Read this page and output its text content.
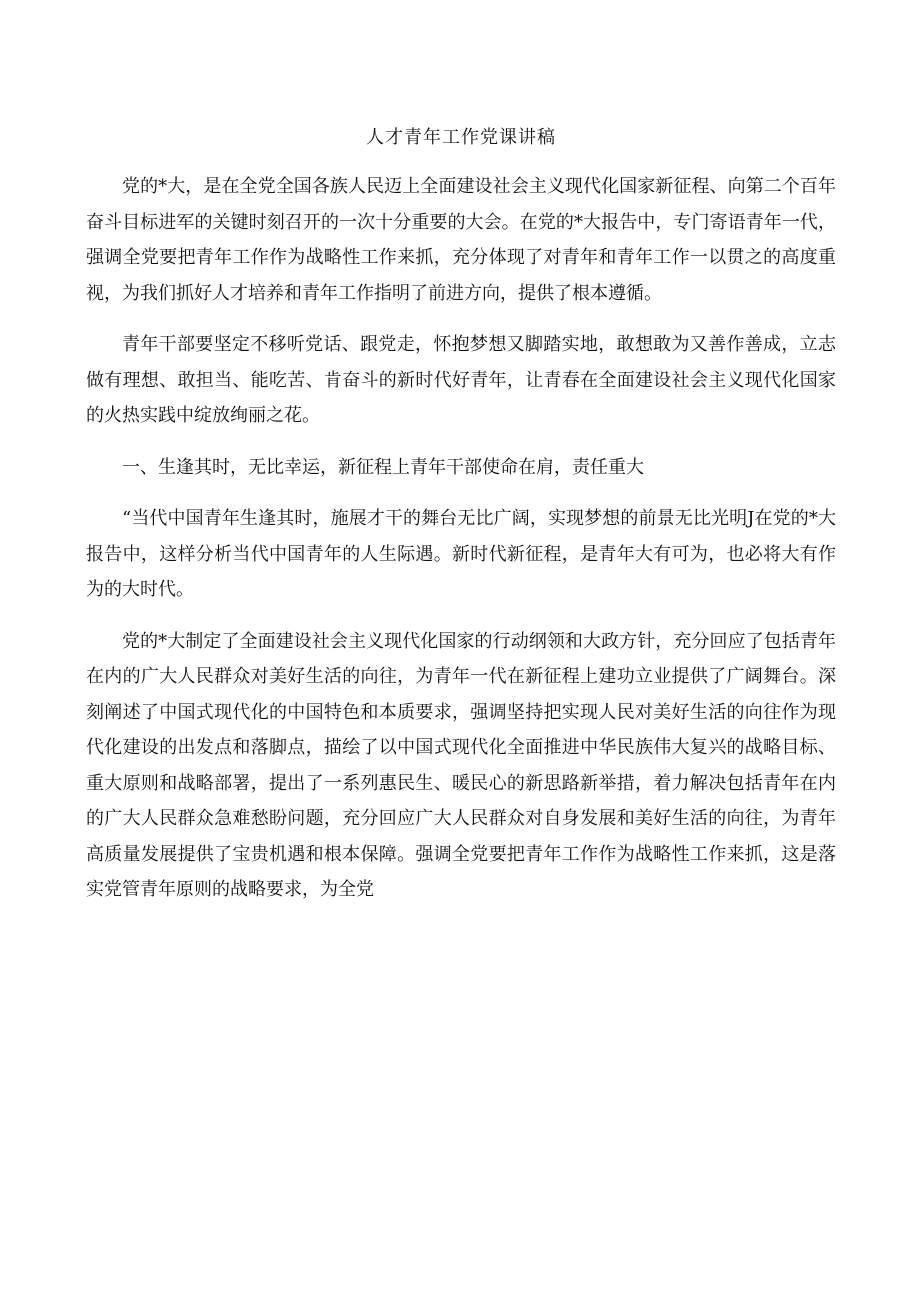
人才青年工作党课讲稿

党的*大，是在全党全国各族人民迈上全面建设社会主义现代化国家新征程、向第二个百年奋斗目标进军的关键时刻召开的一次十分重要的大会。在党的*大报告中，专门寄语青年一代，强调全党要把青年工作作为战略性工作来抓，充分体现了对青年和青年工作一以贯之的高度重视，为我们抓好人才培养和青年工作指明了前进方向，提供了根本遵循。

青年干部要坚定不移听党话、跟党走，怀抱梦想又脚踏实地，敢想敢为又善作善成，立志做有理想、敢担当、能吃苦、肯奋斗的新时代好青年，让青春在全面建设社会主义现代化国家的火热实践中绽放绚丽之花。

一、生逢其时，无比幸运，新征程上青年干部使命在肩，责任重大

“当代中国青年生逢其时，施展才干的舞台无比广阔，实现梦想的前景无比光明J在党的*大报告中，这样分析当代中国青年的人生际遇。新时代新征程，是青年大有可为，也必将大有作为的大时代。

党的*大制定了全面建设社会主义现代化国家的行动纲领和大政方针，充分回应了包括青年在内的广大人民群众对美好生活的向往，为青年一代在新征程上建功立业提供了广阔舞台。深刻阐述了中国式现代化的中国特色和本质要求，强调坚持把实现人民对美好生活的向往作为现代化建设的出发点和落脚点，描绘了以中国式现代化全面推进中华民族伟大复兴的战略目标、重大原则和战略部署，提出了一系列惠民生、暖民心的新思路新举措，着力解决包括青年在内的广大人民群众急难愁盼问题，充分回应广大人民群众对自身发展和美好生活的向往，为青年高质量发展提供了宝贵机遇和根本保障。强调全党要把青年工作作为战略性工作来抓，这是落实党管青年原则的战略要求，为全党
